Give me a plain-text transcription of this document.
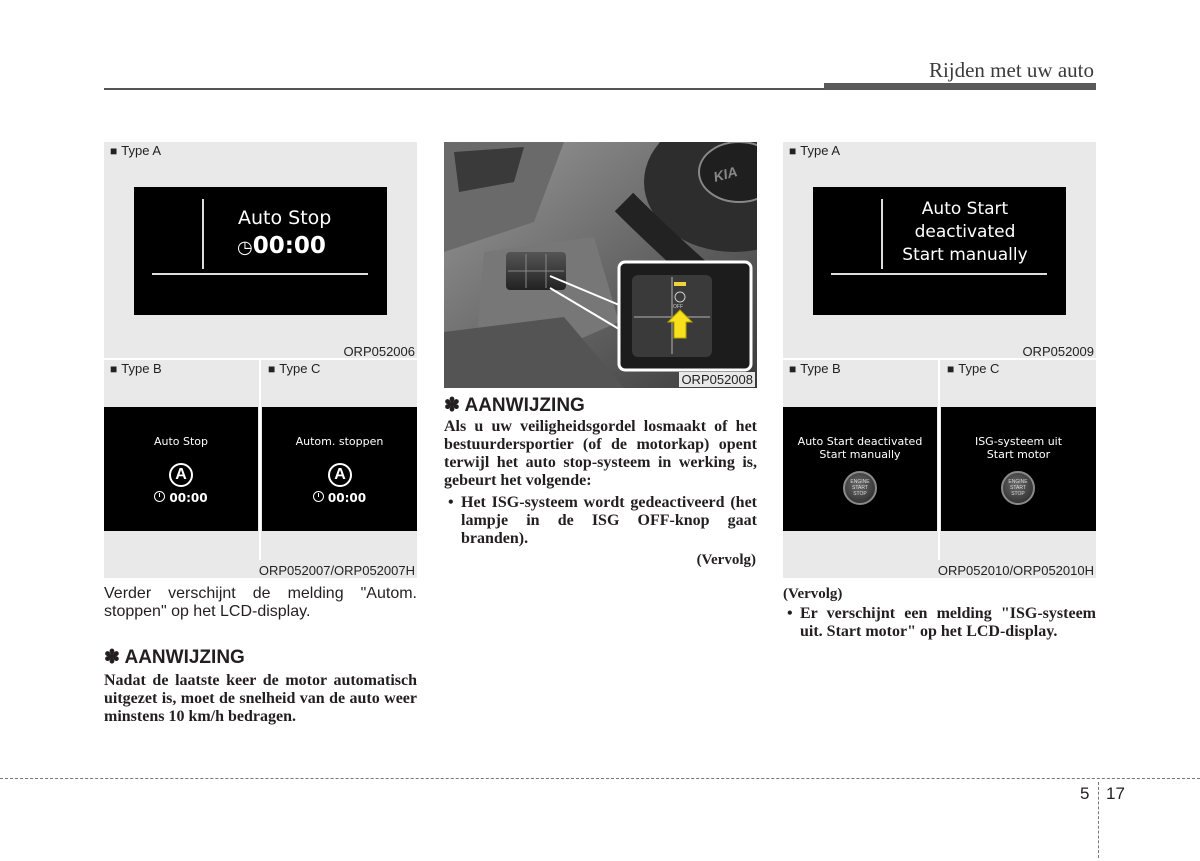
Rijden met uw auto
■ Type A
Auto Stop
◷00:00
ORP052006
■ Type B	■ Type C
Auto Stop
A
00:00
Autom. stoppen
A
00:00
ORP052007/ORP052007H
Verder verschijnt de melding "Autom. stoppen" op het LCD-display.
✽ AANWIJZING
Nadat de laatste keer de motor automatisch uitgezet is, moet de snelheid van de auto weer minstens 10 km/h bedragen.
KIA
OFF
ORP052008
✽ AANWIJZING
Als u uw veiligheidsgordel losmaakt of het bestuurdersportier (of de motorkap) opent terwijl het auto stop-systeem in werking is, gebeurt het volgende:
• Het ISG-systeem wordt gedeactiveerd (het lampje in de ISG OFF-knop gaat branden).
(Vervolg)
■ Type A
Auto Start
deactivated
Start manually
ORP052009
■ Type B	■ Type C
Auto Start deactivated
Start manually
ENGINE
START
STOP
ISG-systeem uit
Start motor
ENGINE
START
STOP
ORP052010/ORP052010H
(Vervolg)
• Er verschijnt een melding "ISG-systeem uit. Start motor" op het LCD-display.
5 17
